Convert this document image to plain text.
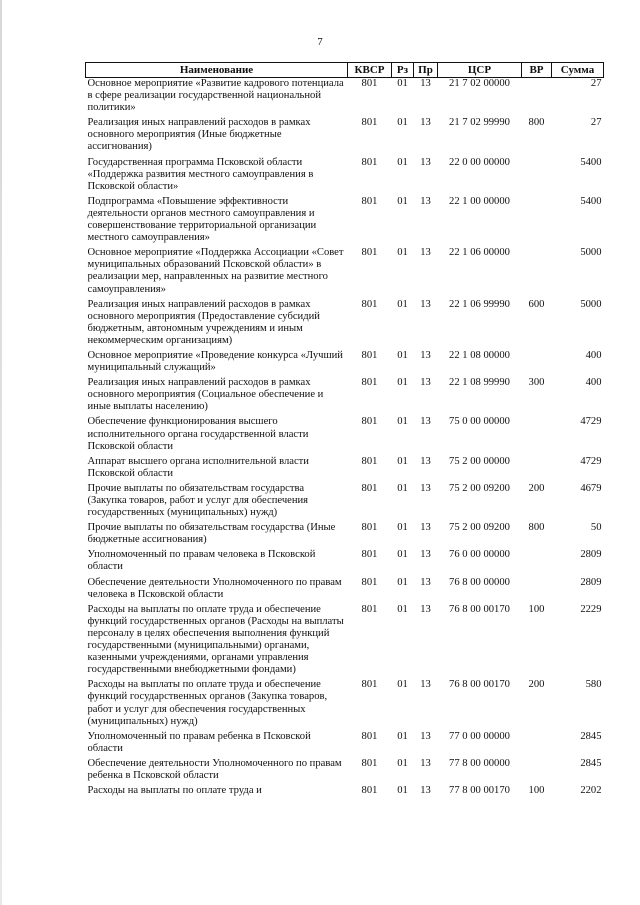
7
Наименование	КВСР	Рз	Пр	ЦСР	ВР	Сумма
Основное мероприятие «Развитие кадрового потенциала в сфере реализации государственной национальной политики»	801	01	13	21 7 02 00000		27
Реализация иных направлений расходов в рамках основного мероприятия (Иные бюджетные ассигнования)	801	01	13	21 7 02 99990	800	27
Государственная программа Псковской области «Поддержка развития местного самоуправления в Псковской области»	801	01	13	22 0 00 00000		5400
Подпрограмма «Повышение эффективности деятельности органов местного самоуправления и совершенствование территориальной организации местного самоуправления»	801	01	13	22 1 00 00000		5400
Основное мероприятие «Поддержка Ассоциации «Совет муниципальных образований Псковской области» в реализации мер, направленных на развитие местного самоуправления»	801	01	13	22 1 06 00000		5000
Реализация иных направлений расходов в рамках основного мероприятия (Предоставление субсидий бюджетным, автономным учреждениям и иным некоммерческим организациям)	801	01	13	22 1 06 99990	600	5000
Основное мероприятие «Проведение конкурса «Лучший муниципальный служащий»	801	01	13	22 1 08 00000		400
Реализация иных направлений расходов в рамках основного мероприятия (Социальное обеспечение и иные выплаты населению)	801	01	13	22 1 08 99990	300	400
Обеспечение функционирования высшего исполнительного органа государственной власти Псковской области	801	01	13	75 0 00 00000		4729
Аппарат высшего органа исполнительной власти Псковской области	801	01	13	75 2 00 00000		4729
Прочие выплаты по обязательствам государства (Закупка товаров, работ и услуг для обеспечения государственных (муниципальных) нужд)	801	01	13	75 2 00 09200	200	4679
Прочие выплаты по обязательствам государства (Иные бюджетные ассигнования)	801	01	13	75 2 00 09200	800	50
Уполномоченный по правам человека в Псковской области	801	01	13	76 0 00 00000		2809
Обеспечение деятельности Уполномоченного по правам человека в Псковской области	801	01	13	76 8 00 00000		2809
Расходы на выплаты по оплате труда и обеспечение функций государственных органов (Расходы на выплаты персоналу в целях обеспечения выполнения функций государственными (муниципальными) органами, казенными учреждениями, органами управления государственными внебюджетными фондами)	801	01	13	76 8 00 00170	100	2229
Расходы на выплаты по оплате труда и обеспечение функций государственных органов (Закупка товаров, работ и услуг для обеспечения государственных (муниципальных) нужд)	801	01	13	76 8 00 00170	200	580
Уполномоченный по правам ребенка в Псковской области	801	01	13	77 0 00 00000		2845
Обеспечение деятельности Уполномоченного по правам ребенка в Псковской области	801	01	13	77 8 00 00000		2845
Расходы на выплаты по оплате труда и	801	01	13	77 8 00 00170	100	2202
